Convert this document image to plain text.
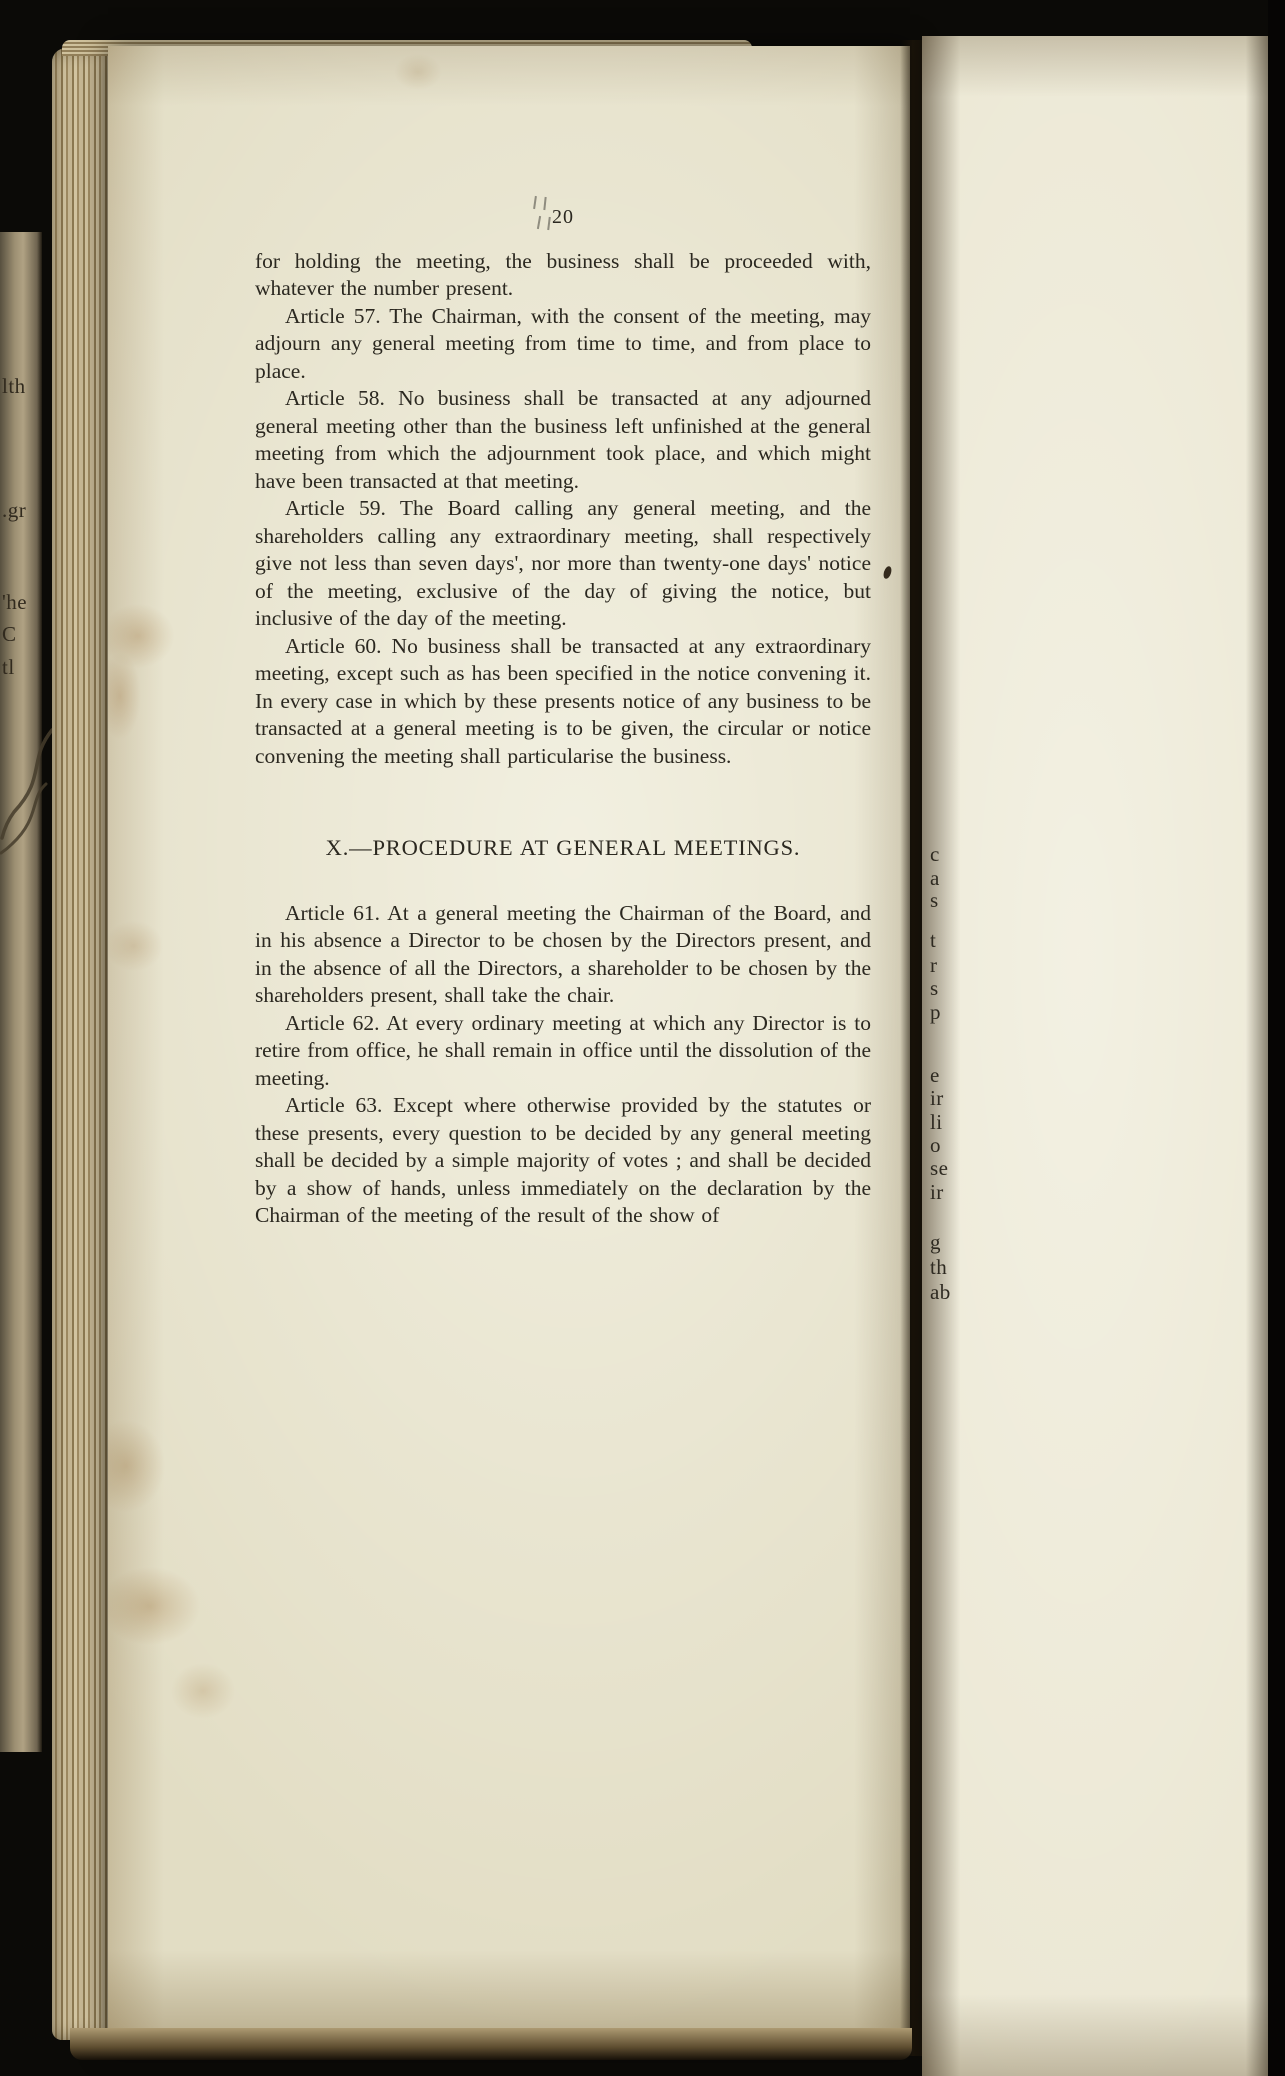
lth
.gr
'he
C
tl
20

for holding the meeting, the business shall be proceeded with, whatever the number present.

Article 57. The Chairman, with the consent of the meeting, may adjourn any general meeting from time to time, and from place to place.

Article 58. No business shall be transacted at any adjourned general meeting other than the business left unfinished at the general meeting from which the adjournment took place, and which might have been transacted at that meeting.

Article 59. The Board calling any general meeting, and the shareholders calling any extraordinary meeting, shall respectively give not less than seven days', nor more than twenty-one days' notice of the meeting, exclusive of the day of giving the notice, but inclusive of the day of the meeting.

Article 60. No business shall be transacted at any extraordinary meeting, except such as has been specified in the notice convening it. In every case in which by these presents notice of any business to be transacted at a general meeting is to be given, the circular or notice convening the meeting shall particularise the business.

X.—PROCEDURE AT GENERAL MEETINGS.

Article 61. At a general meeting the Chairman of the Board, and in his absence a Director to be chosen by the Directors present, and in the absence of all the Directors, a shareholder to be chosen by the shareholders present, shall take the chair.

Article 62. At every ordinary meeting at which any Director is to retire from office, he shall remain in office until the dissolution of the meeting.

Article 63. Except where otherwise provided by the statutes or these presents, every question to be decided by any general meeting shall be decided by a simple majority of votes ; and shall be decided by a show of hands, unless immediately on the declaration by the Chairman of the meeting of the result of the show of

c
a
s
t
r
s
p
e
ir
li
o
se
ir
g
th
ab
